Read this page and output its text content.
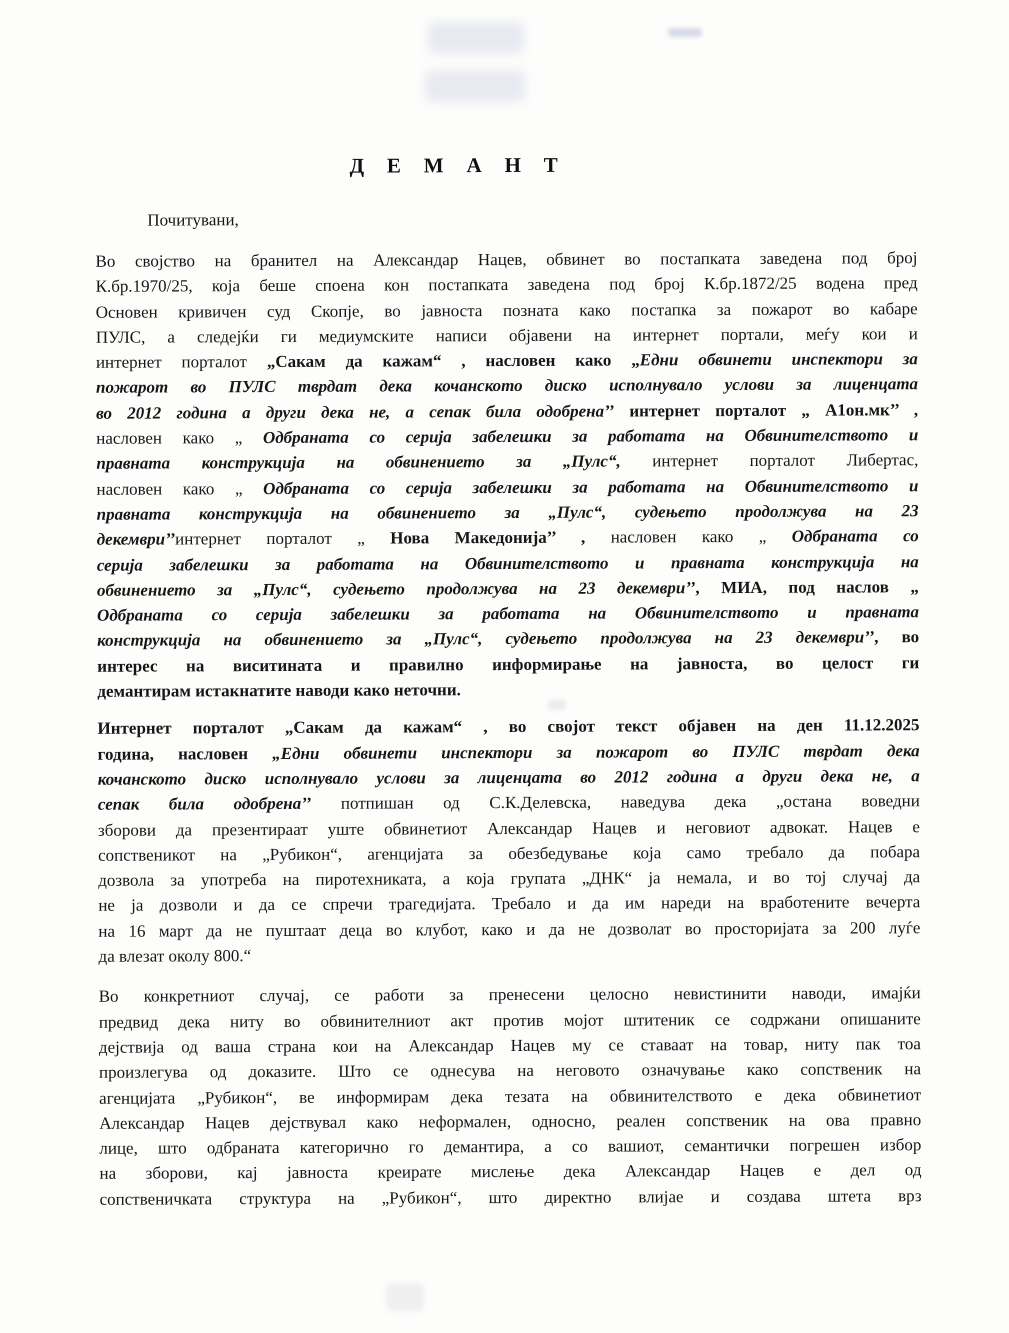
Д Е М А Н Т

Почитувани,

Во својство на бранител на Александар Нацев, обвинет во постапката заведена под број
К.бр.1970/25, која беше споена кон постапката заведена под број К.бр.1872/25 водена пред
Основен кривичен суд Скопје, во јавноста позната како постапка за пожарот во кабаре
ПУЛС, а следејќи ги медиумските написи објавени на интернет портали, меѓу кои и
интернет порталот „Сакам да кажам“ , насловен како „Едни обвинети инспектори за
пожарот во ПУЛС тврдат дека кочанското диско исполнувало услови за лиценцата
во 2012 година а други дека не, а сепак била одобрена’’ интернет порталот „ А1он.мк’’ ,
насловен како „ Одбраната со серија забелешки за работата на Обвинителството и
правната конструкција на обвинението за „Пулс“, интернет порталот Либертас,
насловен како „ Одбраната со серија забелешки за работата на Обвинителството и
правната конструкција на обвинението за „Пулс“, судењето продолжува на 23
декември’’интернет порталот „ Нова Македонија’’ , насловен како „ Одбраната со
серија забелешки за работата на Обвинителството и правната конструкција на
обвинението за „Пулс“, судењето продолжува на 23 декември’’, МИА, под наслов „
Одбраната со серија забелешки за работата на Обвинителството и правната
конструкција на обвинението за „Пулс“, судењето продолжува на 23 декември’’, во
интерес на виситината и правилно информирање на јавноста, во целост ги
демантирам истакнатите наводи како неточни.
Интернет порталот „Сакам да кажам“ , во својот текст објавен на ден 11.12.2025
година, насловен „Едни обвинети инспектори за пожарот во ПУЛС тврдат дека
кочанското диско исполнувало услови за лиценцата во 2012 година а други дека не, а
сепак била одобрена’’ потпишан од С.К.Делевска, наведува дека „остана воведни
зборови да презентираат уште обвинетиот Александар Нацев и неговиот адвокат. Нацев е
сопственикот на „Рубикон“, агенцијата за обезбедување која само требало да побара
дозвола за употреба на пиротехниката, а која групата „ДНК“ ја немала, и во тој случај да
не ја дозволи и да се спречи трагедијата. Требало и да им нареди на вработените вечерта
на 16 март да не пуштаат деца во клубот, како и да не дозволат во просторијата за 200 луѓе
да влезат околу 800.“
Во конкретниот случај, се работи за пренесени целосно невистинити наводи, имајќи
предвид дека ниту во обвинителниот акт против мојот штитеник се содржани опишаните
дејствија од ваша страна кои на Александар Нацев му се ставаат на товар, ниту пак тоа
произлегува од доказите. Што се однесува на неговото означување како сопственик на
агенцијата „Рубикон“, ве информирам дека тезата на обвинителството е дека обвинетиот
Александар Нацев дејствувал како неформален, односно, реален сопственик на ова правно
лице, што одбраната категорично го демантира, а со вашиот, семантички погрешен избор
на зборови, кај јавноста креирате мислење дека Александар Нацев е дел од
сопственичката структура на „Рубикон“, што директно влијае и создава штета врз
